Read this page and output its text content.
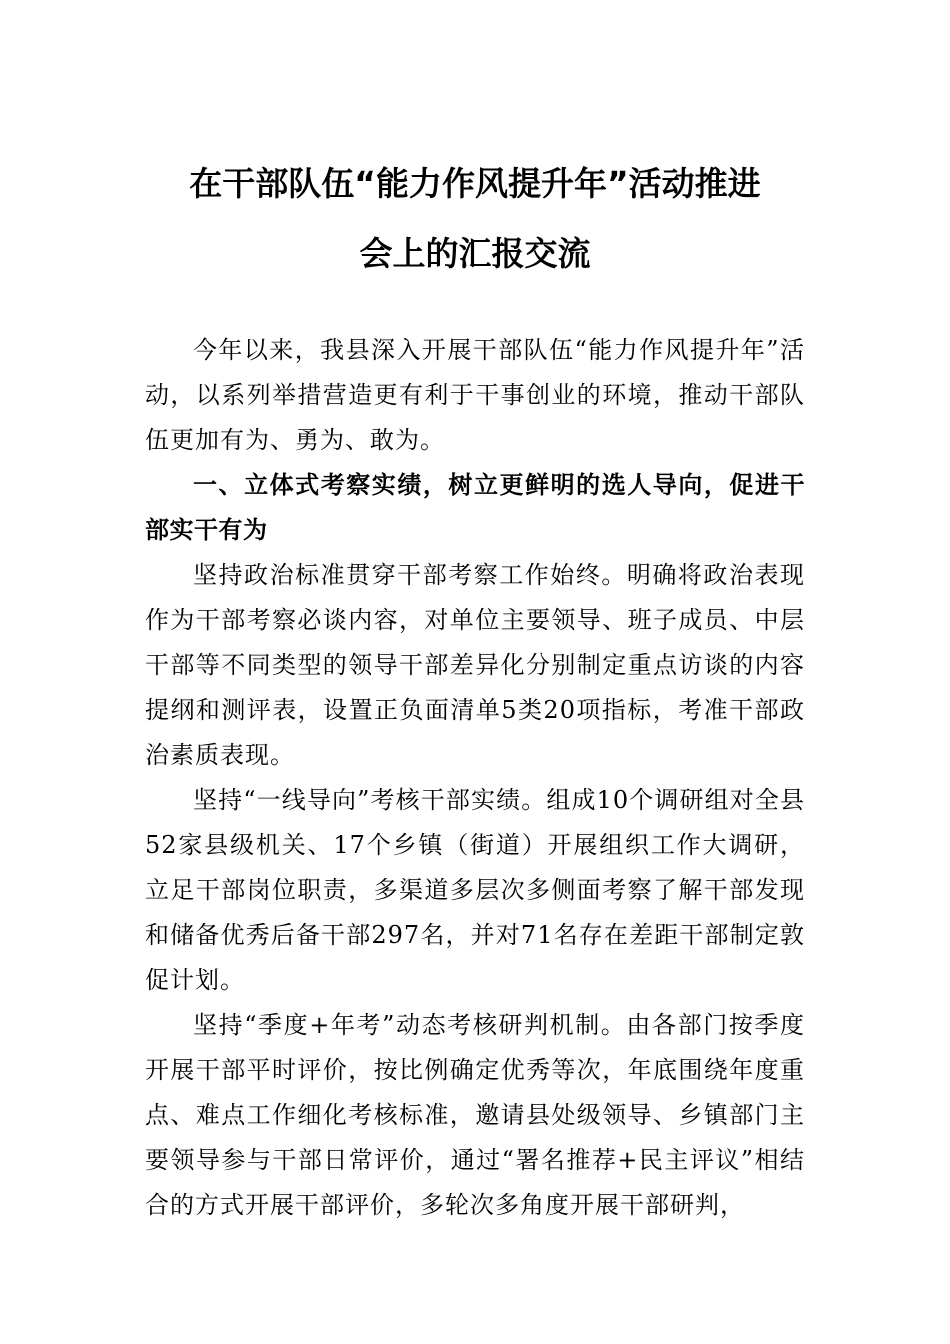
在干部队伍“能力作风提升年”活动推进
会上的汇报交流

今年以来，我县深入开展干部队伍“能力作风提升年”活动，以系列举措营造更有利于干事创业的环境，推动干部队伍更加有为、勇为、敢为。

一、立体式考察实绩，树立更鲜明的选人导向，促进干部实干有为

坚持政治标准贯穿干部考察工作始终。明确将政治表现作为干部考察必谈内容，对单位主要领导、班子成员、中层干部等不同类型的领导干部差异化分别制定重点访谈的内容提纲和测评表，设置正负面清单5类20项指标，考准干部政治素质表现。

坚持“一线导向”考核干部实绩。组成10个调研组对全县52家县级机关、17个乡镇（街道）开展组织工作大调研，立足干部岗位职责，多渠道多层次多侧面考察了解干部发现和储备优秀后备干部297名，并对71名存在差距干部制定敦促计划。

坚持“季度+年考”动态考核研判机制。由各部门按季度开展干部平时评价，按比例确定优秀等次，年底围绕年度重点、难点工作细化考核标准，邀请县处级领导、乡镇部门主要领导参与干部日常评价，通过“署名推荐+民主评议”相结合的方式开展干部评价，多轮次多角度开展干部研判，
